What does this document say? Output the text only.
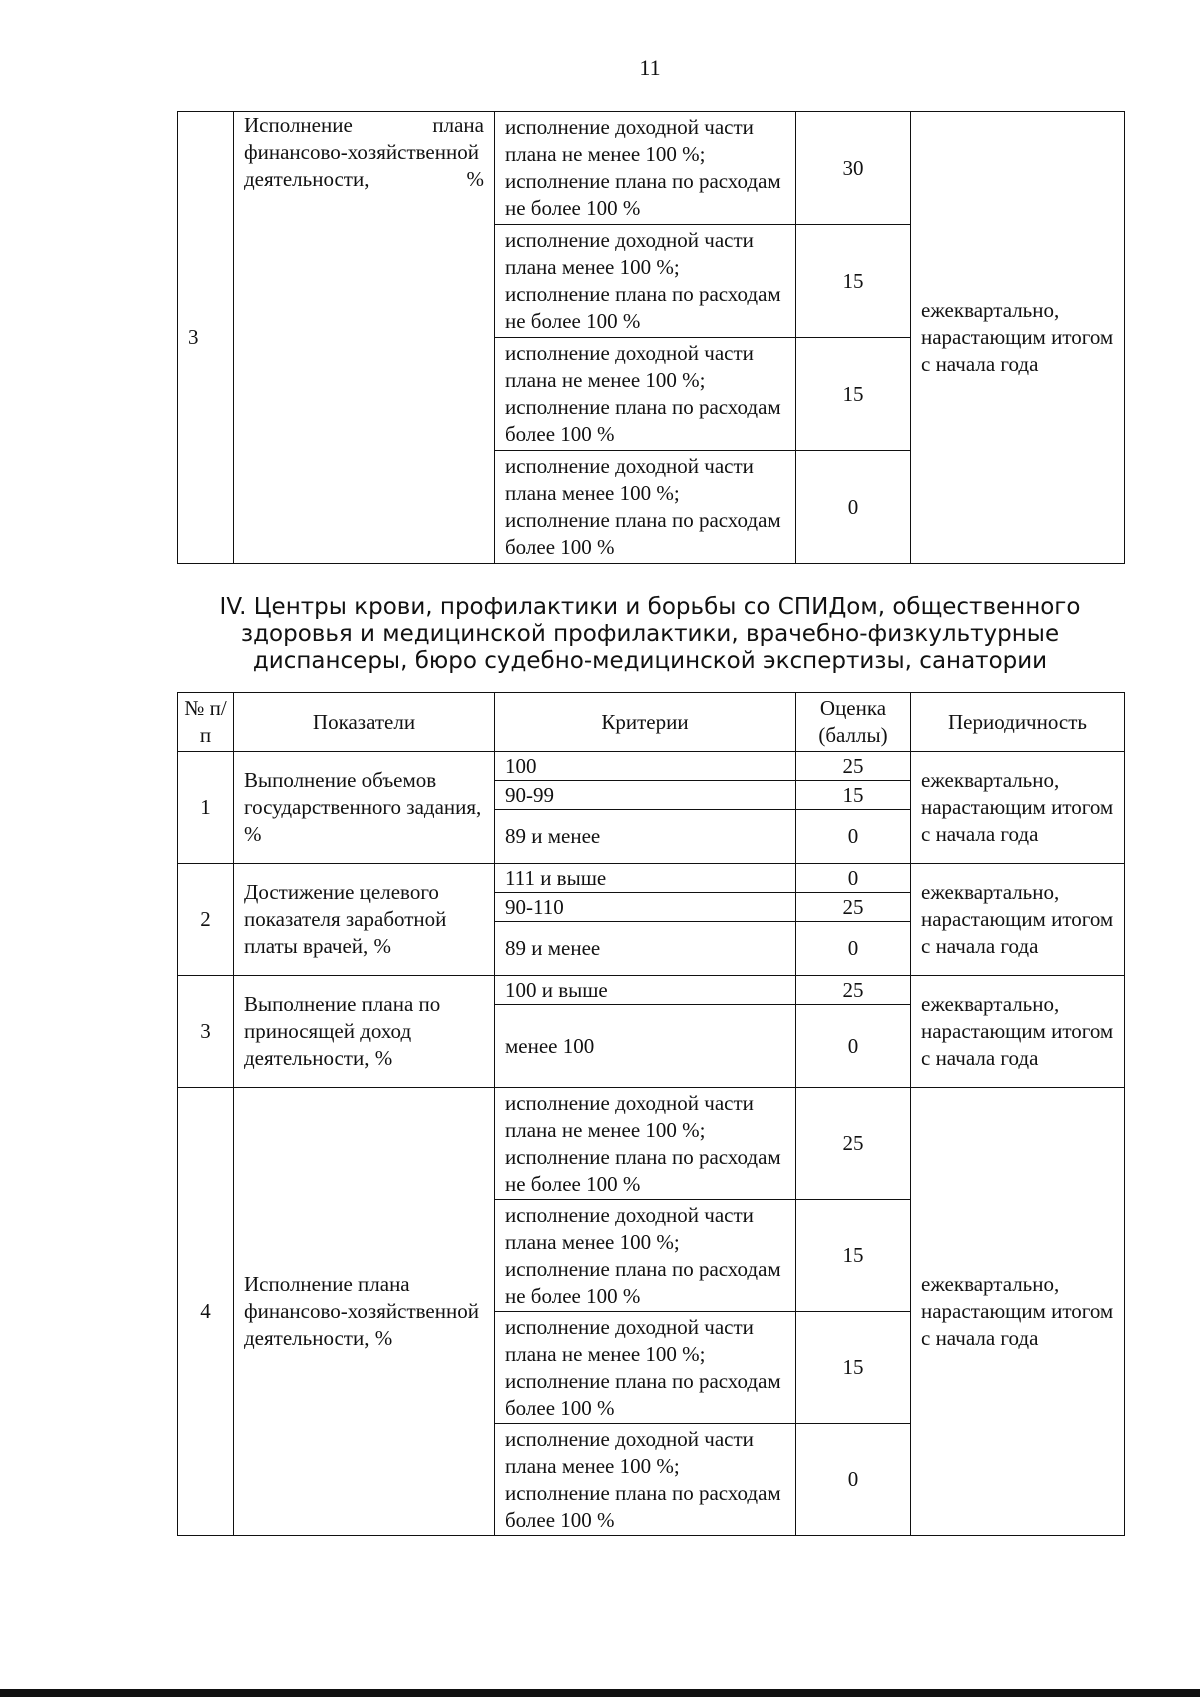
11
3	Исполнение плана финансово-хозяйственной деятельности, %	исполнение доходной части плана не менее 100 %; исполнение плана по расходам не более 100 %	30	ежеквартально, нарастающим итогом с начала года
		исполнение доходной части плана менее 100 %; исполнение плана по расходам не более 100 %	15	
		исполнение доходной части плана не менее 100 %; исполнение плана по расходам более 100 %	15	
		исполнение доходной части плана менее 100 %; исполнение плана по расходам более 100 %	0	
IV. Центры крови, профилактики и борьбы со СПИДом, общественного
здоровья и медицинской профилактики, врачебно-физкультурные
диспансеры, бюро судебно-медицинской экспертизы, санатории
№ п/п	Показатели	Критерии	Оценка (баллы)	Периодичность
1	Выполнение объемов государственного задания, %	100	25	ежеквартально, нарастающим итогом с начала года
		90-99	15	
		89 и менее	0	
2	Достижение целевого показателя заработной платы врачей, %	111 и выше	0	ежеквартально, нарастающим итогом с начала года
		90-110	25	
		89 и менее	0	
3	Выполнение плана по приносящей доход деятельности, %	100 и выше	25	ежеквартально, нарастающим итогом с начала года
		менее 100	0	
4	Исполнение плана финансово-хозяйственной деятельности, %	исполнение доходной части плана не менее 100 %; исполнение плана по расходам не более 100 %	25	ежеквартально, нарастающим итогом с начала года
		исполнение доходной части плана менее 100 %; исполнение плана по расходам не более 100 %	15	
		исполнение доходной части плана не менее 100 %; исполнение плана по расходам более 100 %	15	
		исполнение доходной части плана менее 100 %; исполнение плана по расходам более 100 %	0	
